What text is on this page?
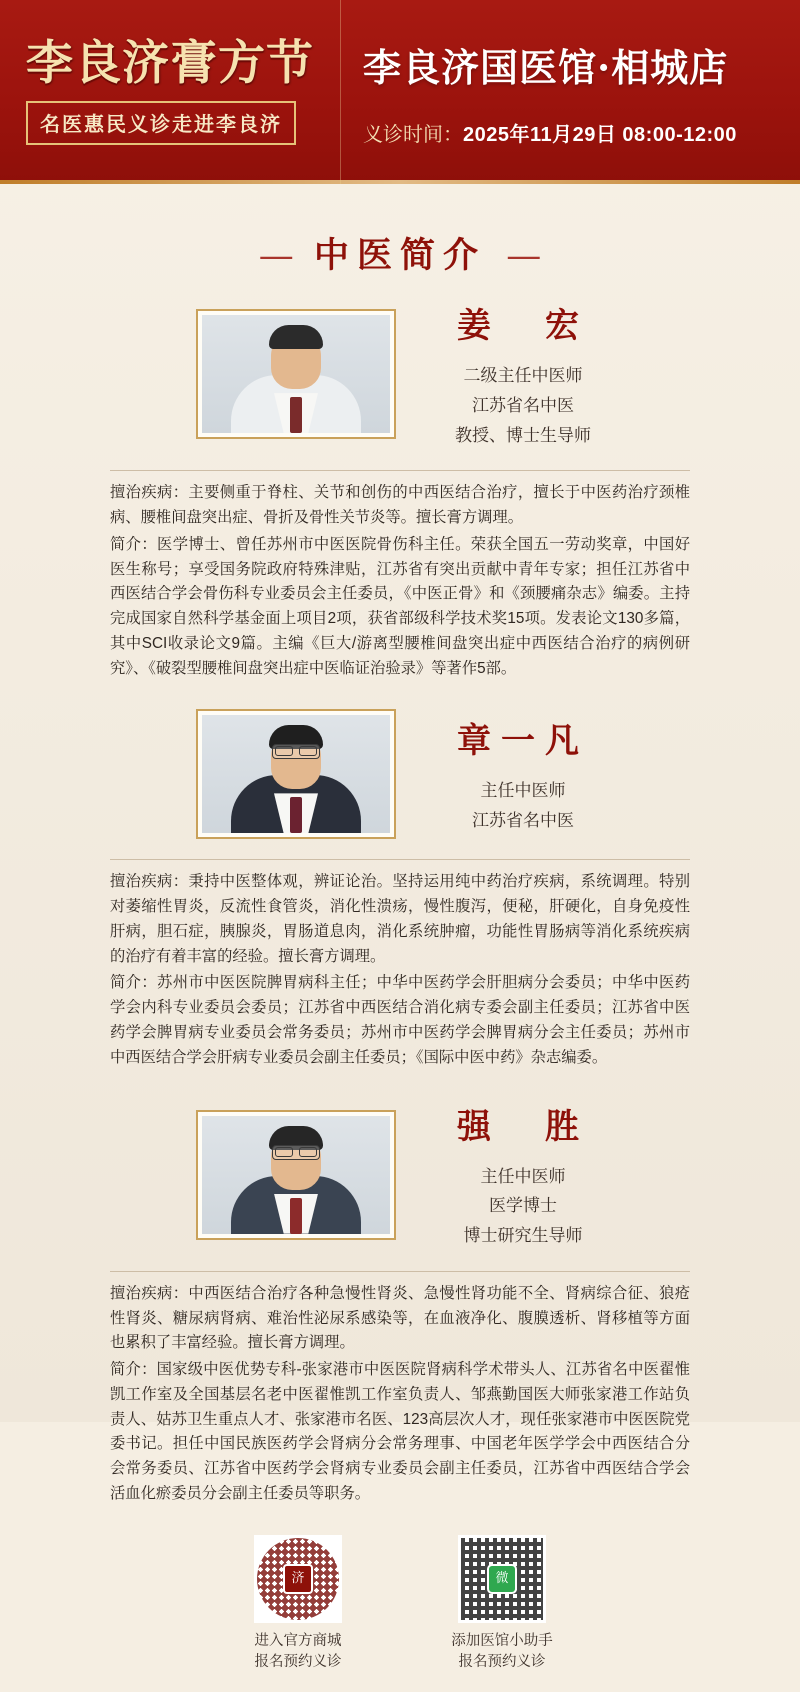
李良济膏方节
名医惠民义诊走进李良济
李良济国医馆·相城店
义诊时间：2025年11月29日 08:00-12:00
— 中医简介 —
姜　宏
二级主任中医师
江苏省名中医
教授、博士生导师

擅治疾病：主要侧重于脊柱、关节和创伤的中西医结合治疗，擅长于中医药治疗颈椎病、腰椎间盘突出症、骨折及骨性关节炎等。擅长膏方调理。

简介：医学博士、曾任苏州市中医医院骨伤科主任。荣获全国五一劳动奖章，中国好医生称号；享受国务院政府特殊津贴，江苏省有突出贡献中青年专家；担任江苏省中西医结合学会骨伤科专业委员会主任委员，《中医正骨》和《颈腰痛杂志》编委。主持完成国家自然科学基金面上项目2项，获省部级科学技术奖15项。发表论文130多篇，其中SCI收录论文9篇。主编《巨大/游离型腰椎间盘突出症中西医结合治疗的病例研究》、《破裂型腰椎间盘突出症中医临证治验录》等著作5部。

章一凡
主任中医师
江苏省名中医

擅治疾病：秉持中医整体观，辨证论治。坚持运用纯中药治疗疾病，系统调理。特别对萎缩性胃炎，反流性食管炎，消化性溃疡，慢性腹泻，便秘，肝硬化，自身免疫性肝病，胆石症，胰腺炎，胃肠道息肉，消化系统肿瘤，功能性胃肠病等消化系统疾病的治疗有着丰富的经验。擅长膏方调理。

简介：苏州市中医医院脾胃病科主任；中华中医药学会肝胆病分会委员；中华中医药学会内科专业委员会委员；江苏省中西医结合消化病专委会副主任委员；江苏省中医药学会脾胃病专业委员会常务委员；苏州市中医药学会脾胃病分会主任委员；苏州市中西医结合学会肝病专业委员会副主任委员；《国际中医中药》杂志编委。

强　胜
主任中医师
医学博士
博士研究生导师

擅治疾病：中西医结合治疗各种急慢性肾炎、急慢性肾功能不全、肾病综合征、狼疮性肾炎、糖尿病肾病、难治性泌尿系感染等，在血液净化、腹膜透析、肾移植等方面也累积了丰富经验。擅长膏方调理。

简介：国家级中医优势专科-张家港市中医医院肾病科学术带头人、江苏省名中医翟惟凯工作室及全国基层名老中医翟惟凯工作室负责人、邹燕勤国医大师张家港工作站负责人、姑苏卫生重点人才、张家港市名医、123高层次人才，现任张家港市中医医院党委书记。担任中国民族医药学会肾病分会常务理事、中国老年医学学会中西医结合分会常务委员、江苏省中医药学会肾病专业委员会副主任委员，江苏省中西医结合学会活血化瘀委员分会副主任委员等职务。

济
进入官方商城
报名预约义诊
微
添加医馆小助手
报名预约义诊
